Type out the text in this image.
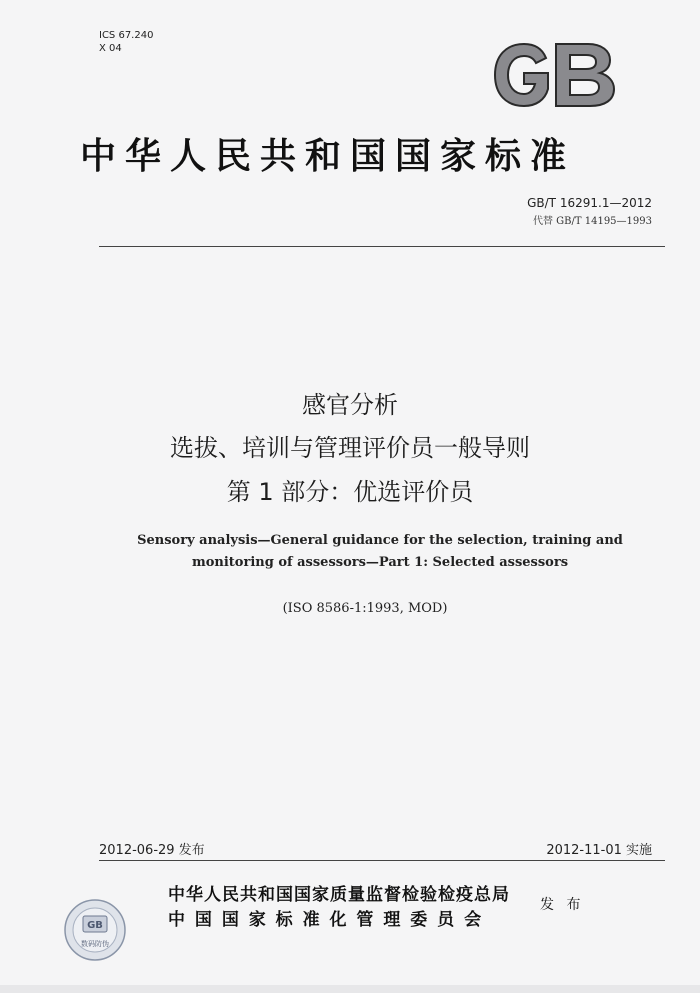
ICS 67.240
X 04
中华人民共和国国家标准
GB/T 16291.1—2012
代替 GB/T 14195—1993
感官分析
选拔、培训与管理评价员一般导则
第 1 部分：优选评价员
Sensory analysis—General guidance for the selection, training and
monitoring of assessors—Part 1: Selected assessors
(ISO 8586-1:1993, MOD)
2012-06-29 发布	2012-11-01 实施
GB
数码防伪
中华人民共和国国家质量监督检验检疫总局
中 国 国 家 标 准 化 管 理 委 员 会
发 布
